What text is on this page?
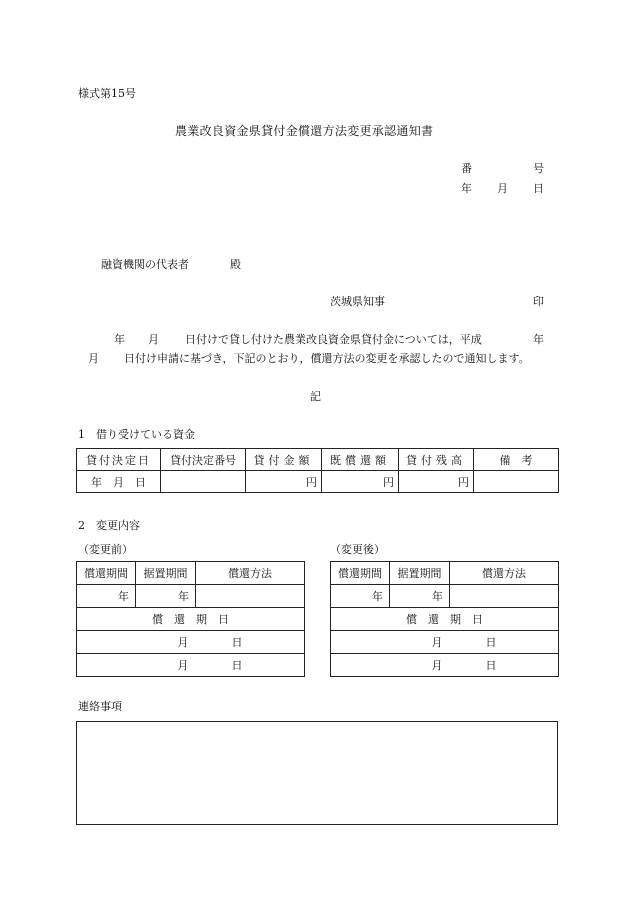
様式第15号
農業改良資金県貸付金償還方法変更承認通知書
番	号
年 月 日
融資機関の代表者	殿
茨城県知事	印
年 月 日付けで貸し付けた農業改良資金県貸付金については，平成	年
月 日付け申請に基づき，下記のとおり，償還方法の変更を承認したので通知します。
記
1　借り受けている資金
貸付決定日	貸付決定番号	貸付金額	既償還額	貸付残高	備　考
年　月　日		円	円	円	
2　変更内容
（変更前）	（変更後）
償還期間	据置期間	償還方法
年	年	
償　還　期　日		
月 日		
月 日		
償還期間	据置期間	償還方法
年	年	
償　還　期　日		
月 日		
月 日		
連絡事項
